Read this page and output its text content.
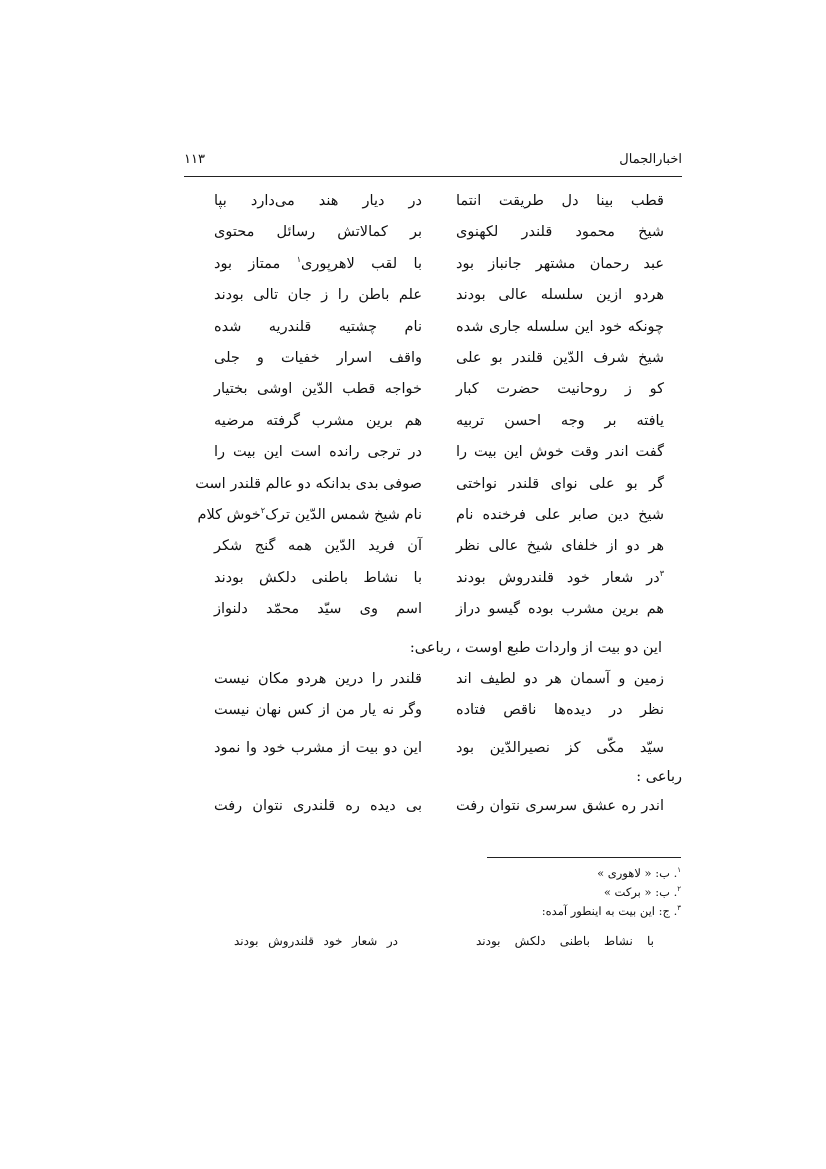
اخبارالجمال
۱۱۳
قطب بینا دل طریقت انتما
در دیار هند می‌دارد بپا
شیخ محمود قلندر لکهنوی
بر کمالاتش رسائل محتوی
عبد رحمان مشتهر جانباز بود
با لقب لاهرپوری$^۱$ ممتاز بود
هردو ازین سلسله عالی بودند
علم باطن را ز جان تالی بودند
چونکه خود این سلسله جاری شده
نام چشتیه قلندریه شده
شیخ شرف الدّین قلندر بو علی
واقف اسرار خفیات و جلی
کو ز روحانیت حضرت کبار
خواجه قطب الدّین اوشی بختیار
یافته بر وجه احسن تربیه
هم برین مشرب گرفته مرضیه
گفت اندر وقت خوش این بیت را
در ترجی رانده است این بیت را
گر بو علی نوای قلندر نواختی
صوفی بدی بدانکه دو عالم قلندر است
شیخ دین صابر علی فرخنده نام
نام شیخ شمس الدّین ترک$^۲$خوش کلام
هر دو از خلفای شیخ عالی نظر
آن فرید الدّین همه گنج شکر
$^۳$در شعار خود قلندروش بودند
با نشاط باطنی دلکش بودند
هم برین مشرب بوده گیسو دراز
اسم وی سیّد محمّد دلنواز
این دو بیت از واردات طبع اوست ، رباعی:
زمین و آسمان هر دو لطیف اند
قلندر را درین هردو مکان نیست
نظر در دیده‌ها ناقص فتاده
وگر نه یار من از کس نهان نیست
سیّد مکّی کز نصیرالدّین بود
این دو بیت از مشرب خود وا نمود
رباعی :
اندر ره عشق سرسری نتوان رفت
بی دیده ره قلندری نتوان رفت
$^۱$. ب: « لاهوری »
$^۲$. ب: « برکت »
$^۳$. ج: این بیت به اینطور آمده:
با نشاط باطنی دلکش بودند
در شعار خود قلندروش بودند
